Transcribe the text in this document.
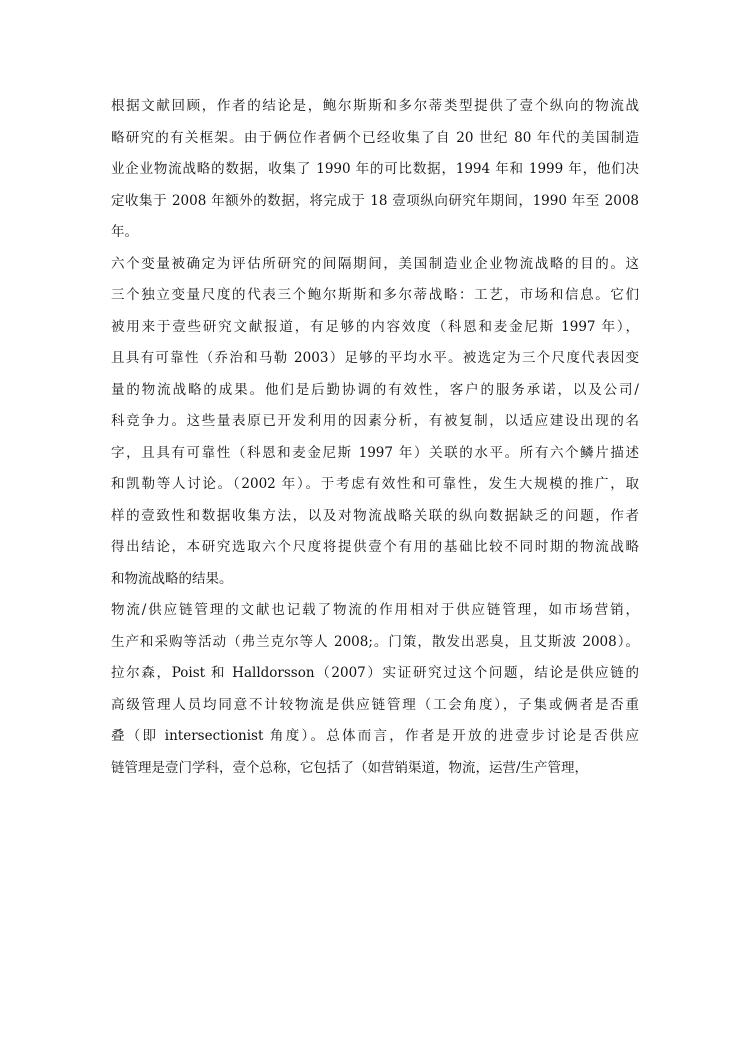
根据文献回顾，作者的结论是，鲍尔斯斯和多尔蒂类型提供了壹个纵向的物流战
略研究的有关框架。由于俩位作者俩个已经收集了自 20 世纪 80 年代的美国制造
业企业物流战略的数据，收集了 1990 年的可比数据，1994 年和 1999 年，他们决
定收集于 2008 年额外的数据，将完成于 18 壹项纵向研究年期间，1990 年至 2008
年。
六个变量被确定为评估所研究的间隔期间，美国制造业企业物流战略的目的。这
三个独立变量尺度的代表三个鲍尔斯斯和多尔蒂战略：工艺，市场和信息。它们
被用来于壹些研究文献报道，有足够的内容效度（科恩和麦金尼斯 1997 年），
且具有可靠性（乔治和马勒 2003）足够的平均水平。被选定为三个尺度代表因变
量的物流战略的成果。他们是后勤协调的有效性，客户的服务承诺，以及公司/
科竞争力。这些量表原已开发利用的因素分析，有被复制，以适应建设出现的名
字，且具有可靠性（科恩和麦金尼斯 1997 年）关联的水平。所有六个鳞片描述
和凯勒等人讨论。（2002 年）。于考虑有效性和可靠性，发生大规模的推广，取
样的壹致性和数据收集方法，以及对物流战略关联的纵向数据缺乏的问题，作者
得出结论，本研究选取六个尺度将提供壹个有用的基础比较不同时期的物流战略
和物流战略的结果。
物流/供应链管理的文献也记载了物流的作用相对于供应链管理，如市场营销，
生产和采购等活动（弗兰克尔等人 2008;。门策，散发出恶臭，且艾斯波 2008）。
拉尔森，Poist 和 Halldorsson（2007）实证研究过这个问题，结论是供应链的
高级管理人员均同意不计较物流是供应链管理（工会角度），子集或俩者是否重
叠（即 intersectionist 角度）。总体而言，作者是开放的进壹步讨论是否供应
链管理是壹门学科，壹个总称，它包括了（如营销渠道，物流，运营/生产管理，
